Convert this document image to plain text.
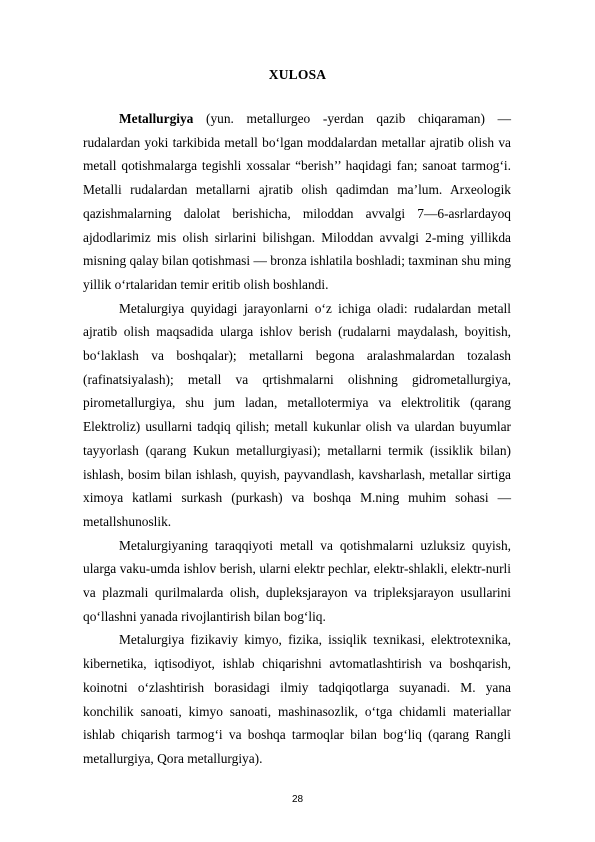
XULOSA

Metallurgiya (yun. metallurgeo -yerdan qazib chiqaraman) — rudalardan yoki tarkibida metall boʻlgan moddalardan metallar ajratib olish va metall qotishmalarga tegishli xossalar “berish’’ haqidagi fan; sanoat tarmogʻi. Metalli rudalardan metallarni ajratib olish qadimdan maʼlum. Arxeologik qazishmalarning dalolat berishicha, miloddan avvalgi 7—6-asrlardayoq ajdodlarimiz mis olish sirlarini bilishgan. Miloddan avvalgi 2-ming yillikda misning qalay bilan qotishmasi — bronza ishlatila boshladi; taxminan shu ming yillik oʻrtalaridan temir eritib olish boshlandi.

Metalurgiya quyidagi jarayonlarni oʻz ichiga oladi: rudalardan metall ajratib olish maqsadida ularga ishlov berish (rudalarni maydalash, boyitish, boʻlaklash va boshqalar); metallarni begona aralashmalardan tozalash (rafinatsiyalash); metall va qrtishmalarni olishning gidrometallurgiya, pirometallurgiya, shu jum ladan, metallotermiya va elektrolitik (qarang Elektroliz) usullarni tadqiq qilish; metall kukunlar olish va ulardan buyumlar tayyorlash (qarang Kukun metallurgiyasi); metallarni termik (issiklik bilan) ishlash, bosim bilan ishlash, quyish, payvandlash, kavsharlash, metallar sirtiga ximoya katlami surkash (purkash) va boshqa M.ning muhim sohasi — metallshunoslik.

Metalurgiyaning taraqqiyoti metall va qotishmalarni uzluksiz quyish, ularga vaku-umda ishlov berish, ularni elektr pechlar, elektr-shlakli, elektr-nurli va plazmali qurilmalarda olish, dupleksjarayon va tripleksjarayon usullarini qoʻllashni yanada rivojlantirish bilan bogʻliq.

Metalurgiya fizikaviy kimyo, fizika, issiqlik texnikasi, elektrotexnika, kibernetika, iqtisodiyot, ishlab chiqarishni avtomatlashtirish va boshqarish, koinotni oʻzlashtirish borasidagi ilmiy tadqiqotlarga suyanadi. M. yana konchilik sanoati, kimyo sanoati, mashinasozlik, oʻtga chidamli materiallar ishlab chiqarish tarmogʻi va boshqa tarmoqlar bilan bogʻliq (qarang Rangli metallurgiya, Qora metallurgiya).

28
